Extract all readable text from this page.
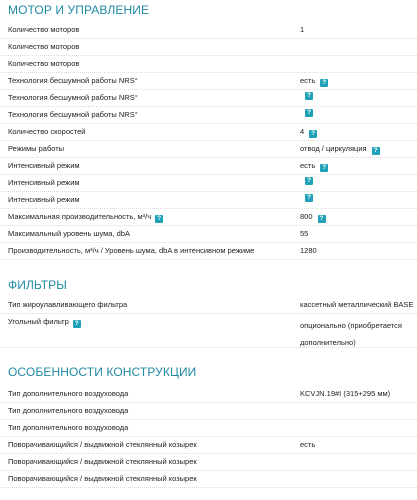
МОТОР И УПРАВЛЕНИЕ
Количество моторов	1
Количество моторов
Количество моторов
Технология бесшумной работы NRS°	есть ?
Технология бесшумной работы NRS°	?
Технология бесшумной работы NRS°	?
Количество скоростей	4 ?
Режимы работы	отвод / циркуляция ?
Интенсивный режим	есть ?
Интенсивный режим	?
Интенсивный режим	?
Максимальная производительность, м³/ч ?	800 ?
Максимальный уровень шума, dbA	55
Производительность, м³/ч / Уровень шума, dbA в интенсивном режиме	1280
ФИЛЬТРЫ
Тип жироулавливающего фильтра	кассетный металлический BASE
Угольный фильтр ?	опционально (приобретается
дополнительно)
ОСОБЕННОСТИ КОНСТРУКЦИИ
Тип дополнительного воздуховода	KCVJN.19#I (315+295 мм)
Тип дополнительного воздуховода
Тип дополнительного воздуховода
Поворачивающийся / выдвижной стеклянный козырек	есть
Поворачивающийся / выдвижной стеклянный козырек
Поворачивающийся / выдвижной стеклянный козырек
